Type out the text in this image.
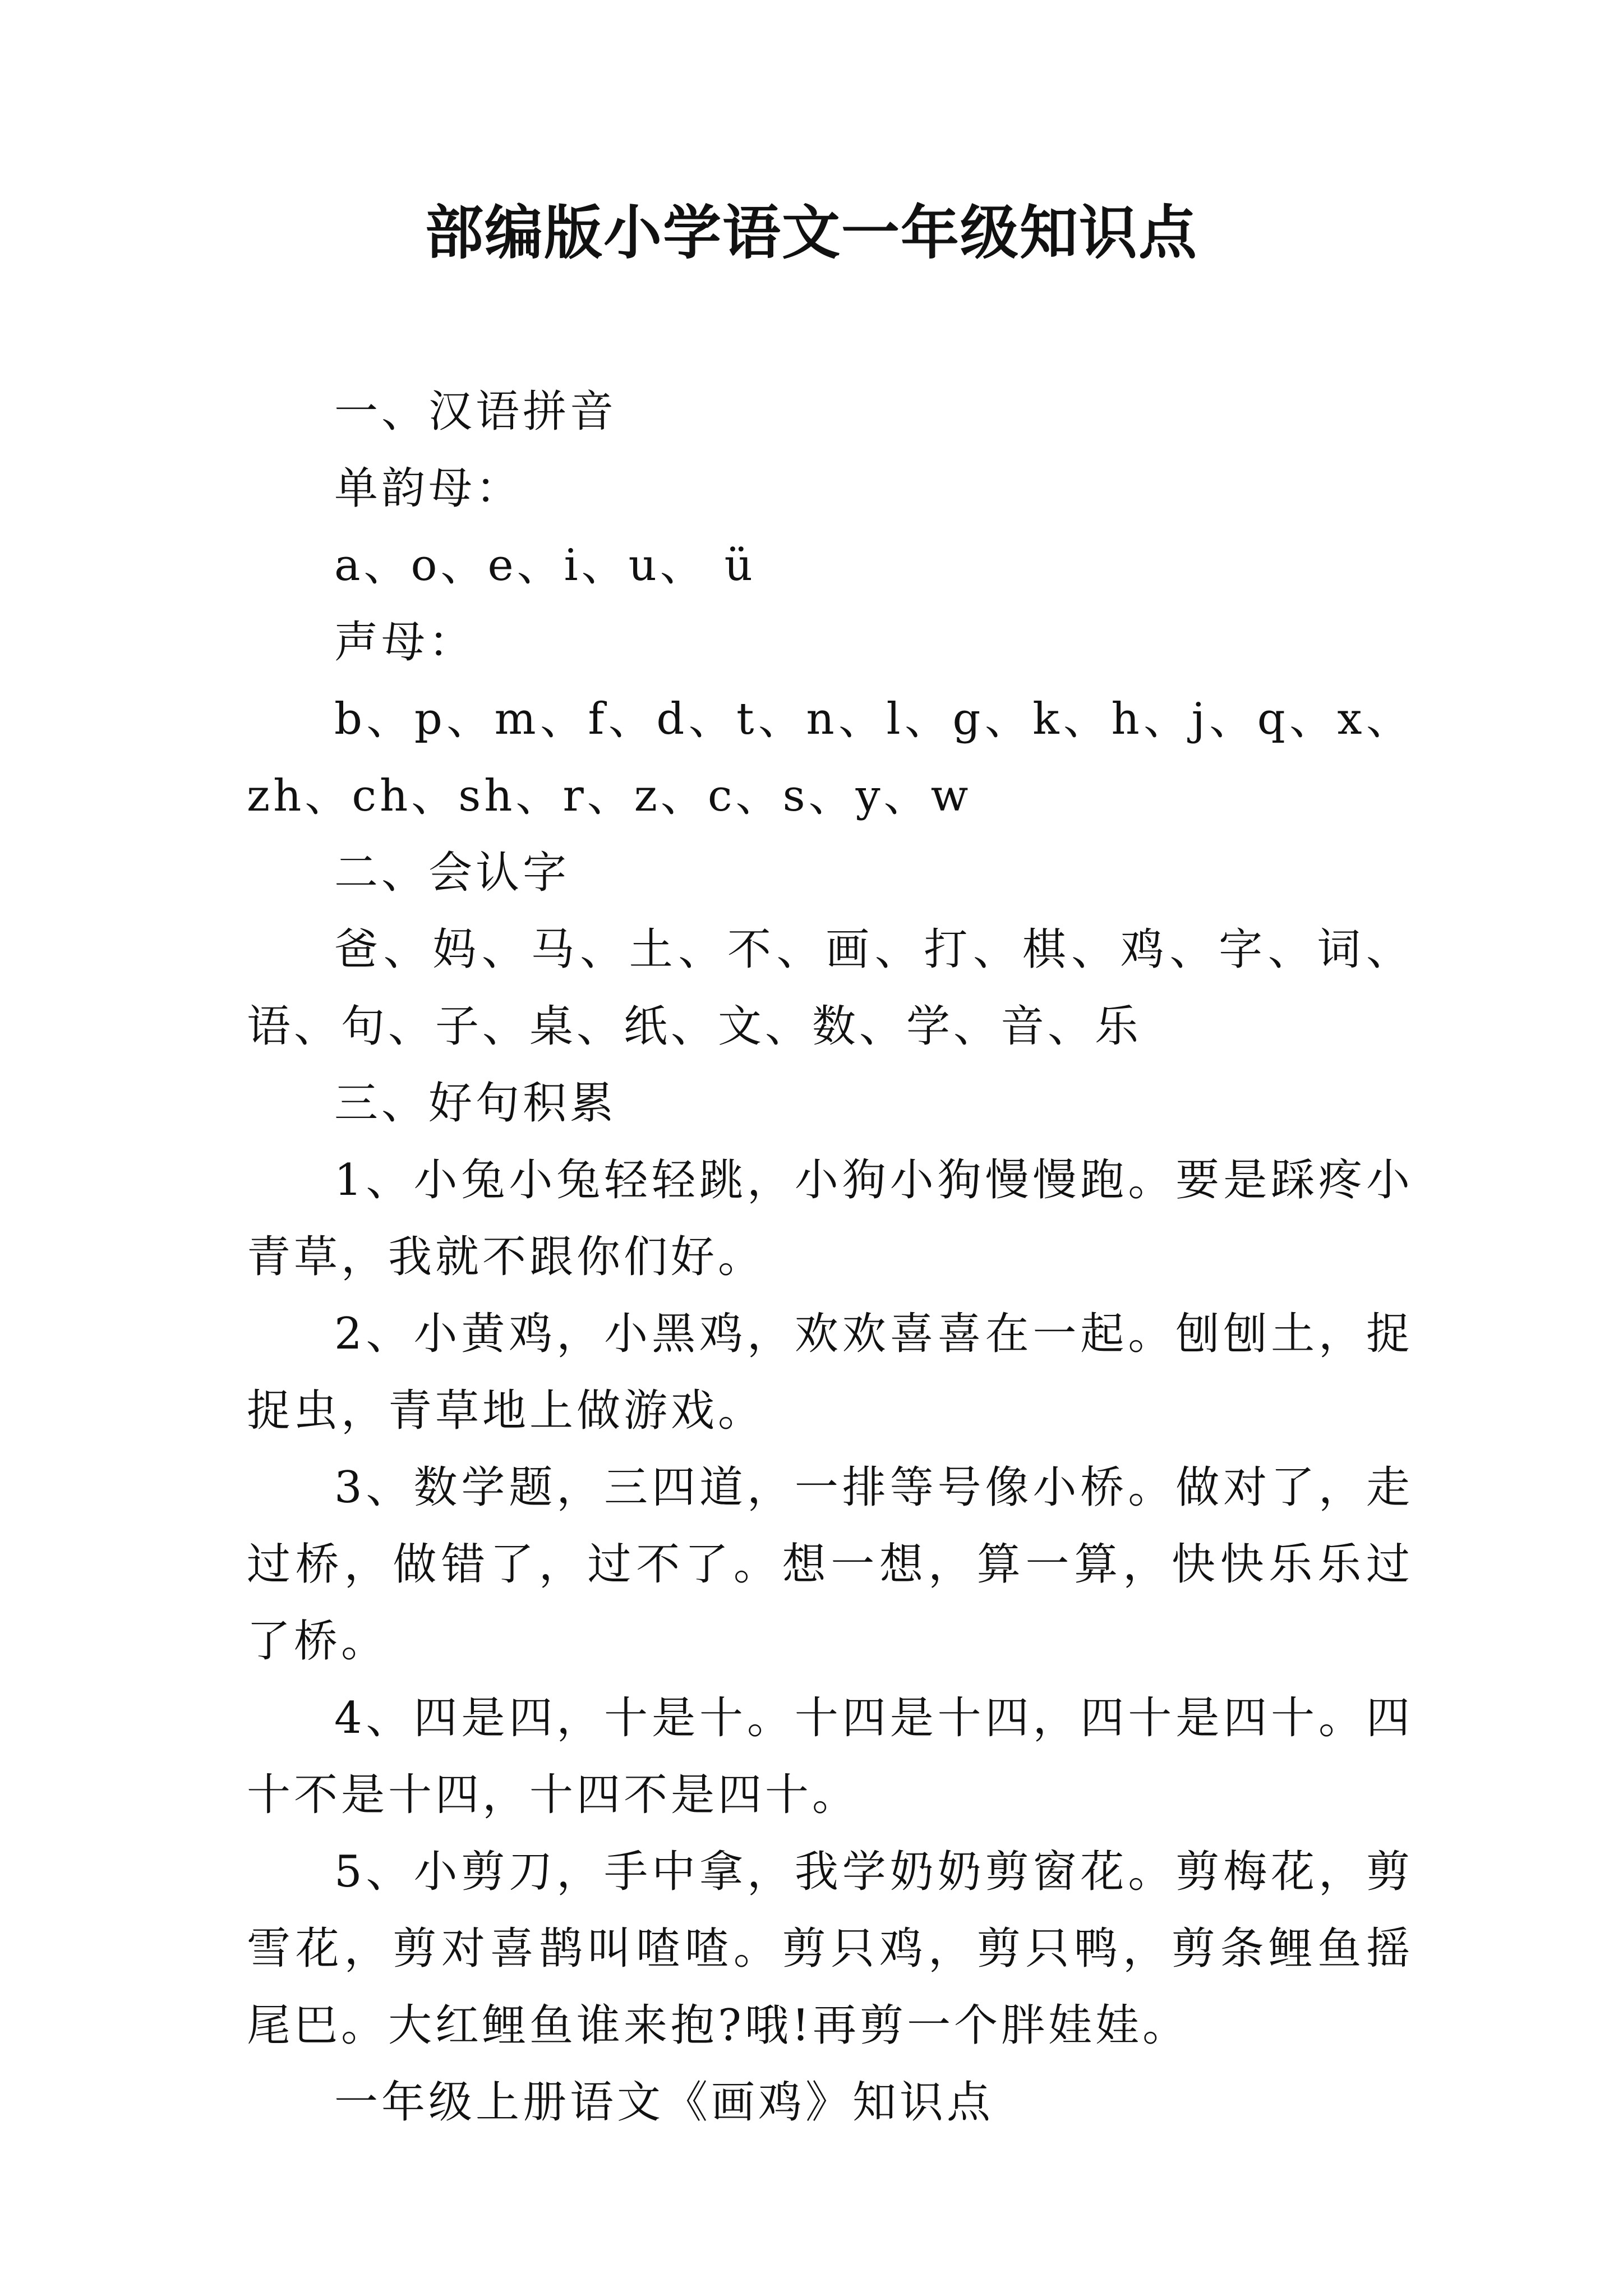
部编版小学语文一年级知识点

一、汉语拼音

单韵母：

a、o、e、i、u、 ü

声母：

b、p、m、f、d、t、n、l、g、k、h、j、q、x、zh、ch、sh、r、z、c、s、y、w

二、会认字

爸、妈、马、土、不、画、打、棋、鸡、字、词、语、句、子、桌、纸、文、数、学、音、乐

三、好句积累

1、小兔小兔轻轻跳，小狗小狗慢慢跑。要是踩疼小青草，我就不跟你们好。

2、小黄鸡，小黑鸡，欢欢喜喜在一起。刨刨土，捉捉虫，青草地上做游戏。

3、数学题，三四道，一排等号像小桥。做对了，走过桥，做错了，过不了。想一想，算一算，快快乐乐过了桥。

4、四是四，十是十。十四是十四，四十是四十。四十不是十四，十四不是四十。

5、小剪刀，手中拿，我学奶奶剪窗花。剪梅花，剪雪花，剪对喜鹊叫喳喳。剪只鸡，剪只鸭，剪条鲤鱼摇尾巴。大红鲤鱼谁来抱?哦!再剪一个胖娃娃。

一年级上册语文《画鸡》知识点
